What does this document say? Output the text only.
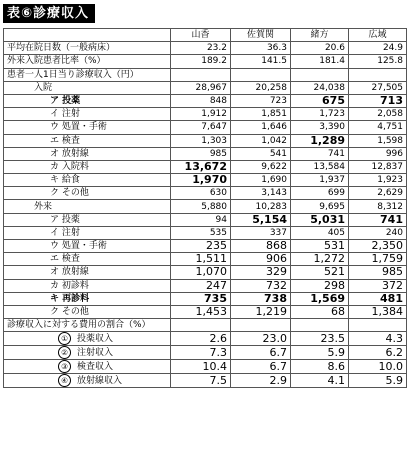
表⑥診療収入
	山香	佐賀関	緒方	広域
平均在院日数（一般病床）	23.2	36.3	20.6	24.9
外来入院患者比率（%）	189.2	141.5	181.4	125.8
患者一人1日当り診療収入（円）				
入院	28,967	20,258	24,038	27,505
ア 投薬	848	723	675	713
イ 注射	1,912	1,851	1,723	2,058
ウ 処置・手術	7,647	1,646	3,390	4,751
エ 検査	1,303	1,042	1,289	1,598
オ 放射線	985	541	741	996
カ 入院料	13,672	9,622	13,584	12,837
キ 給食	1,970	1,690	1,937	1,923
ク その他	630	3,143	699	2,629
外来	5,880	10,283	9,695	8,312
ア 投薬	94	5,154	5,031	741
イ 注射	535	337	405	240
ウ 処置・手術	235	868	531	2,350
エ 検査	1,511	906	1,272	1,759
オ 放射線	1,070	329	521	985
カ 初診料	247	732	298	372
キ 再診料	735	738	1,569	481
ク その他	1,453	1,219	68	1,384
診療収入に対する費用の割合（%）				
① 投薬収入	2.6	23.0	23.5	4.3
② 注射収入	7.3	6.7	5.9	6.2
③ 検査収入	10.4	6.7	8.6	10.0
④ 放射線収入	7.5	2.9	4.1	5.9
